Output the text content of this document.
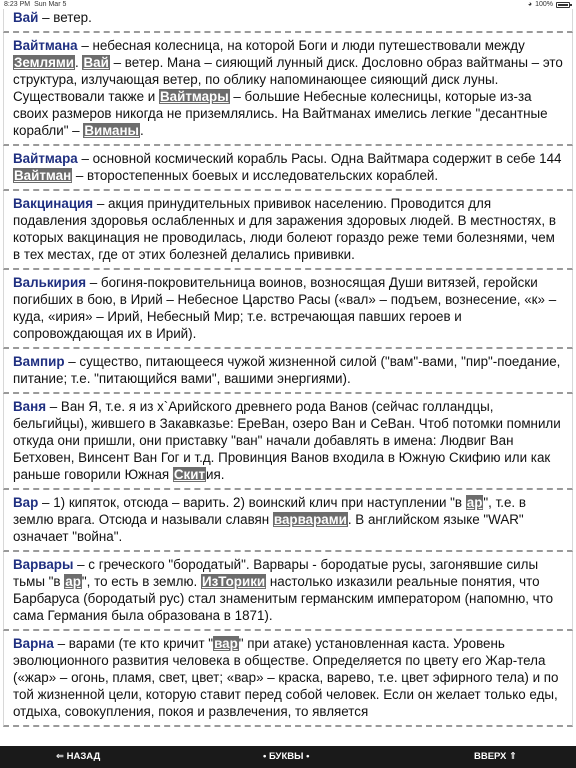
8:23 PM Sun Mar 5	◕ 100%
Вай – ветер.
Вайтмана – небесная колесница, на которой Боги и люди путешествовали между Землями. Вай – ветер. Мана – сияющий лунный диск. Дословно образ вайтманы – это структура, излучающая ветер, по облику напоминающее сияющий диск луны. Существовали также и Вайтмары – большие Небесные колесницы, которые из-за своих размеров никогда не приземлялись. На Вайтманах имелись легкие "десантные корабли" – Виманы.
Вайтмара – основной космический корабль Расы. Одна Вайтмара содержит в себе 144 Вайтман – второстепенных боевых и исследовательских кораблей.
Вакцинация – акция принудительных прививок населению. Проводится для подавления здоровья ослабленных и для заражения здоровых людей. В местностях, в которых вакцинация не проводилась, люди болеют гораздо реже теми болезнями, чем в тех местах, где от этих болезней делались прививки.
Валькирия – богиня-покровительница воинов, возносящая Души витязей, геройски погибших в бою, в Ирий – Небесное Царство Расы («вал» – подъем, вознесение, «к» – куда, «ирия» – Ирий, Небесный Мир; т.е. встречающая павших героев и сопровождающая их в Ирий).
Вампир – существо, питающееся чужой жизненной силой ("вам"-вами, "пир"-поедание, питание; т.е. "питающийся вами", вашими энергиями).
Ваня – Ван Я, т.е. я из х`Арийского древнего рода Ванов (сейчас голландцы, бельгийцы), жившего в Закавказье: ЕреВан, озеро Ван и СеВан. Чтоб потомки помнили откуда они пришли, они приставку "ван" начали добавлять в имена: Людвиг Ван Бетховен, Винсент Ван Гог и т.д. Провинция Ванов входила в Южную Скифию или как раньше говорили Южная Скития.
Вар – 1) кипяток, отсюда – варить. 2) воинский клич при наступлении "в ар", т.е. в землю врага. Отсюда и называли славян варварами. В английском языке "WAR" означает "война".
Варвары – с греческого "бородатый". Варвары - бородатые русы, загонявшие силы тьмы "в ар", то есть в землю. ИзТорики настолько изказили реальные понятия, что Барбаруса (бородатый рус) стал знаменитым германским императором (напомню, что сама Германия была образована в 1871).
Варна – варами (те кто кричит "вар" при атаке) установленная каста. Уровень эволюционного развития человека в обществе. Определяется по цвету его Жар-тела («жар» – огонь, пламя, свет, цвет; «вар» – краска, варево, т.е. цвет эфирного тела) и по той жизненной цели, которую ставит перед собой человек. Если он желает только еды, отдыха, совокупления, покоя и развлечения, то является
⇐ НАЗАД	• БУКВЫ •	ВВЕРХ ⇑
